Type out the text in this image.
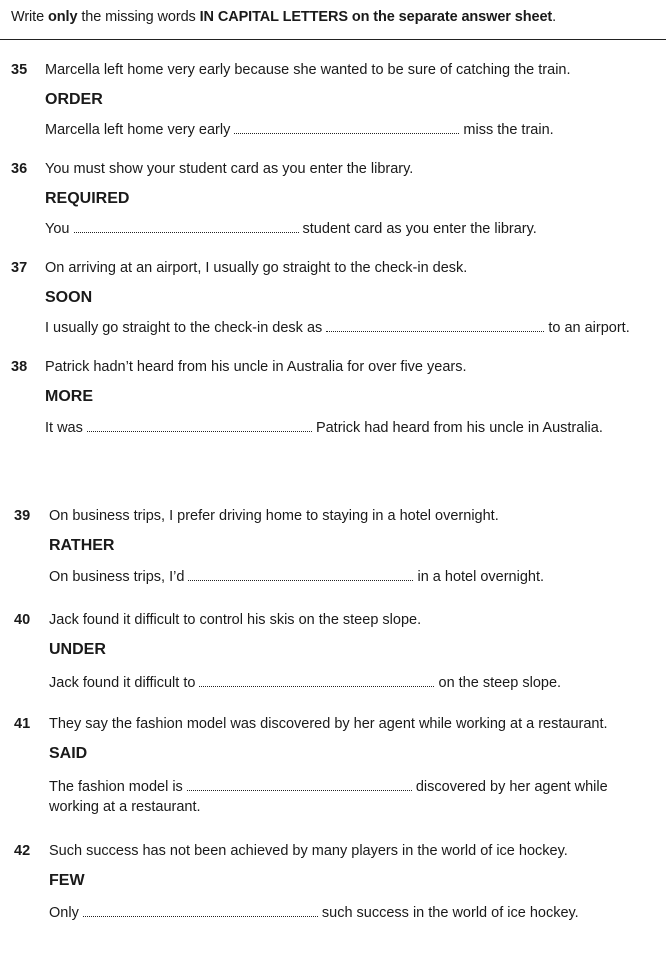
Write only the missing words IN CAPITAL LETTERS on the separate answer sheet.
35 Marcella left home very early because she wanted to be sure of catching the train.
ORDER
Marcella left home very early	miss the train.
36 You must show your student card as you enter the library.
REQUIRED
You	student card as you enter the library.
37 On arriving at an airport, I usually go straight to the check-in desk.
SOON
I usually go straight to the check-in desk as	to an airport.
38 Patrick hadn’t heard from his uncle in Australia for over five years.
MORE
It was	Patrick had heard from his uncle in Australia.
39 On business trips, I prefer driving home to staying in a hotel overnight.
RATHER
On business trips, I’d	in a hotel overnight.
40 Jack found it difficult to control his skis on the steep slope.
UNDER
Jack found it difficult to	on the steep slope.
41 They say the fashion model was discovered by her agent while working at a restaurant.
SAID
The fashion model is	discovered by her agent while
working at a restaurant.
42 Such success has not been achieved by many players in the world of ice hockey.
FEW
Only	such success in the world of ice hockey.
